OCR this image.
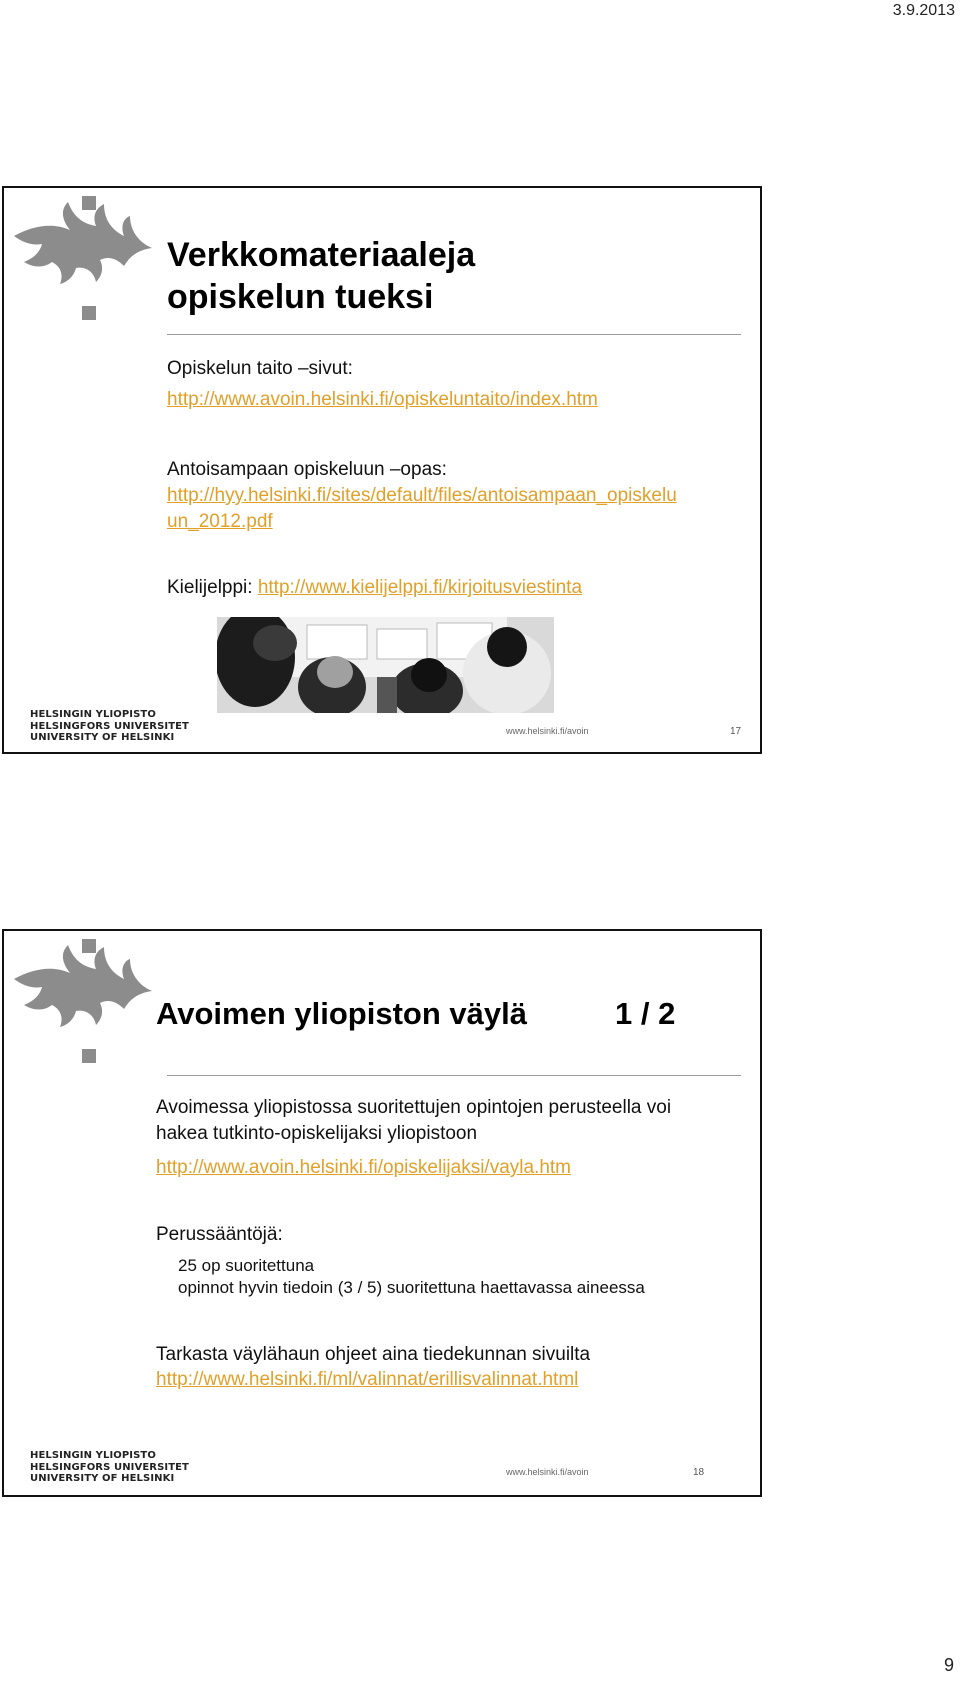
3.9.2013
Verkkomateriaaleja
opiskelun tueksi
Opiskelun taito –sivut:
http://www.avoin.helsinki.fi/opiskeluntaito/index.htm
Antoisampaan opiskeluun –opas:
http://hyy.helsinki.fi/sites/default/files/antoisampaan_opiskelu
un_2012.pdf
Kielijelppi: http://www.kielijelppi.fi/kirjoitusviestinta
HELSINGIN YLIOPISTO
HELSINGFORS UNIVERSITET
UNIVERSITY OF HELSINKI
www.helsinki.fi/avoin	17
Avoimen yliopiston väylä	1 / 2
Avoimessa yliopistossa suoritettujen opintojen perusteella voi
hakea tutkinto-opiskelijaksi yliopistoon
http://www.avoin.helsinki.fi/opiskelijaksi/vayla.htm
Perussääntöjä:
25 op suoritettuna
opinnot hyvin tiedoin (3 / 5) suoritettuna haettavassa aineessa
Tarkasta väylähaun ohjeet aina tiedekunnan sivuilta
http://www.helsinki.fi/ml/valinnat/erillisvalinnat.html
HELSINGIN YLIOPISTO
HELSINGFORS UNIVERSITET
UNIVERSITY OF HELSINKI
www.helsinki.fi/avoin	18
9
